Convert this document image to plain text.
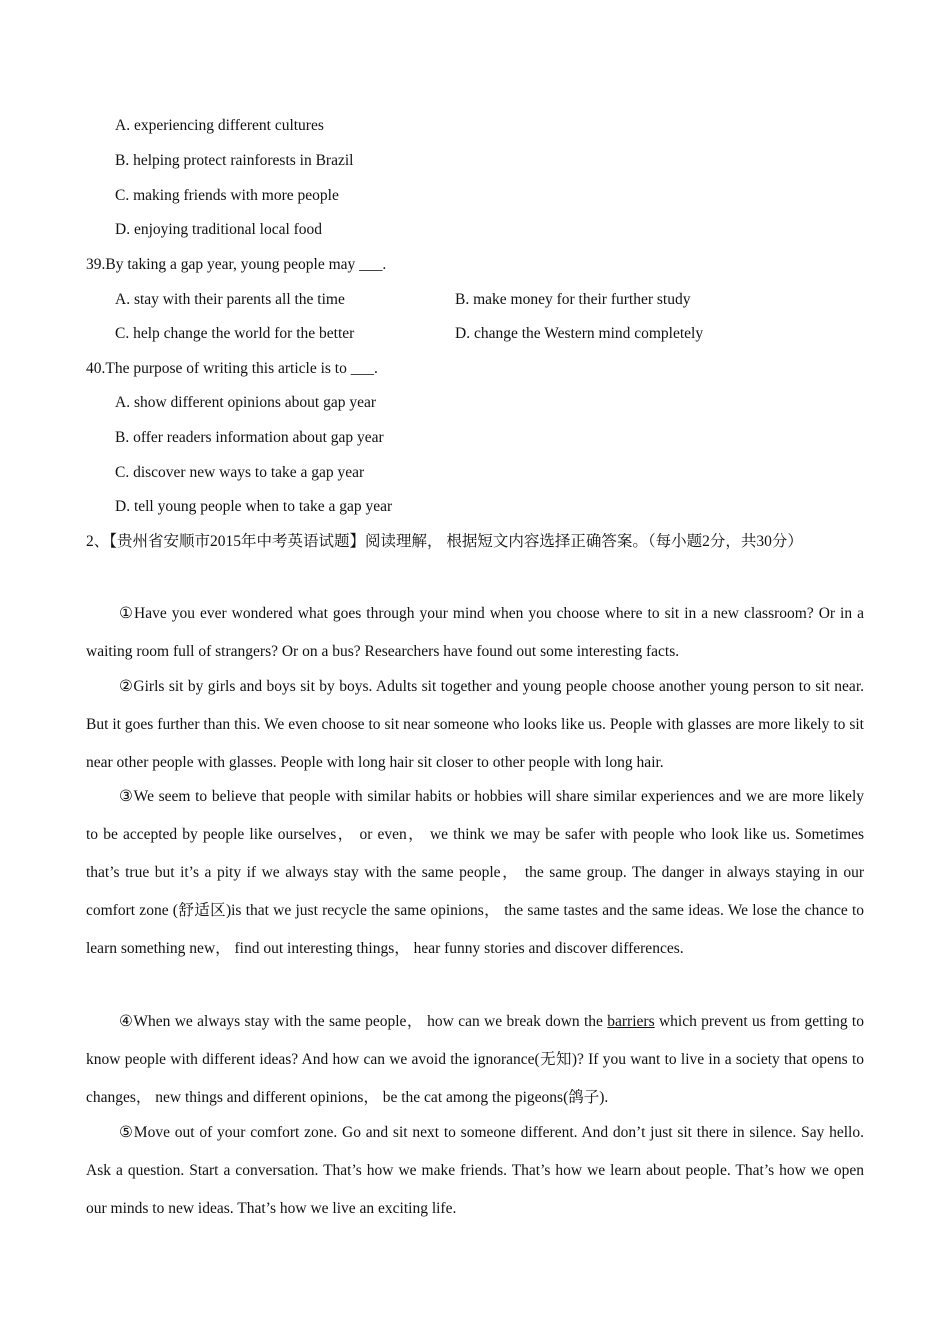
A. experiencing different cultures
B. helping protect rainforests in Brazil
C. making friends with more people
D. enjoying traditional local food
39.By taking a gap year, young people may ___.
A. stay with their parents all the time	B. make money for their further study
C. help change the world for the better	D. change the Western mind completely
40.The purpose of writing this article is to ___.
A. show different opinions about gap year
B. offer readers information about gap year
C. discover new ways to take a gap year
D. tell young people when to take a gap year
2、【贵州省安顺市2015年中考英语试题】阅读理解， 根据短文内容选择正确答案。（每小题2分，共30分）
①Have you ever wondered what goes through your mind when you choose where to sit in a new classroom? Or in a waiting room full of strangers? Or on a bus? Researchers have found out some interesting facts.
②Girls sit by girls and boys sit by boys. Adults sit together and young people choose another young person to sit near. But it goes further than this. We even choose to sit near someone who looks like us. People with glasses are more likely to sit near other people with glasses. People with long hair sit closer to other people with long hair.
③We seem to believe that people with similar habits or hobbies will share similar experiences and we are more likely to be accepted by people like ourselves， or even， we think we may be safer with people who look like us. Sometimes that’s true but it’s a pity if we always stay with the same people， the same group. The danger in always staying in our comfort zone (舒适区)is that we just recycle the same opinions， the same tastes and the same ideas. We lose the chance to learn something new， find out interesting things， hear funny stories and discover differences.
④When we always stay with the same people， how can we break down the barriers which prevent us from getting to know people with different ideas? And how can we avoid the ignorance(无知)? If you want to live in a society that opens to changes， new things and different opinions， be the cat among the pigeons(鸽子).
⑤Move out of your comfort zone. Go and sit next to someone different. And don’t just sit there in silence. Say hello. Ask a question. Start a conversation. That’s how we make friends. That’s how we learn about people. That’s how we open our minds to new ideas. That’s how we live an exciting life.
